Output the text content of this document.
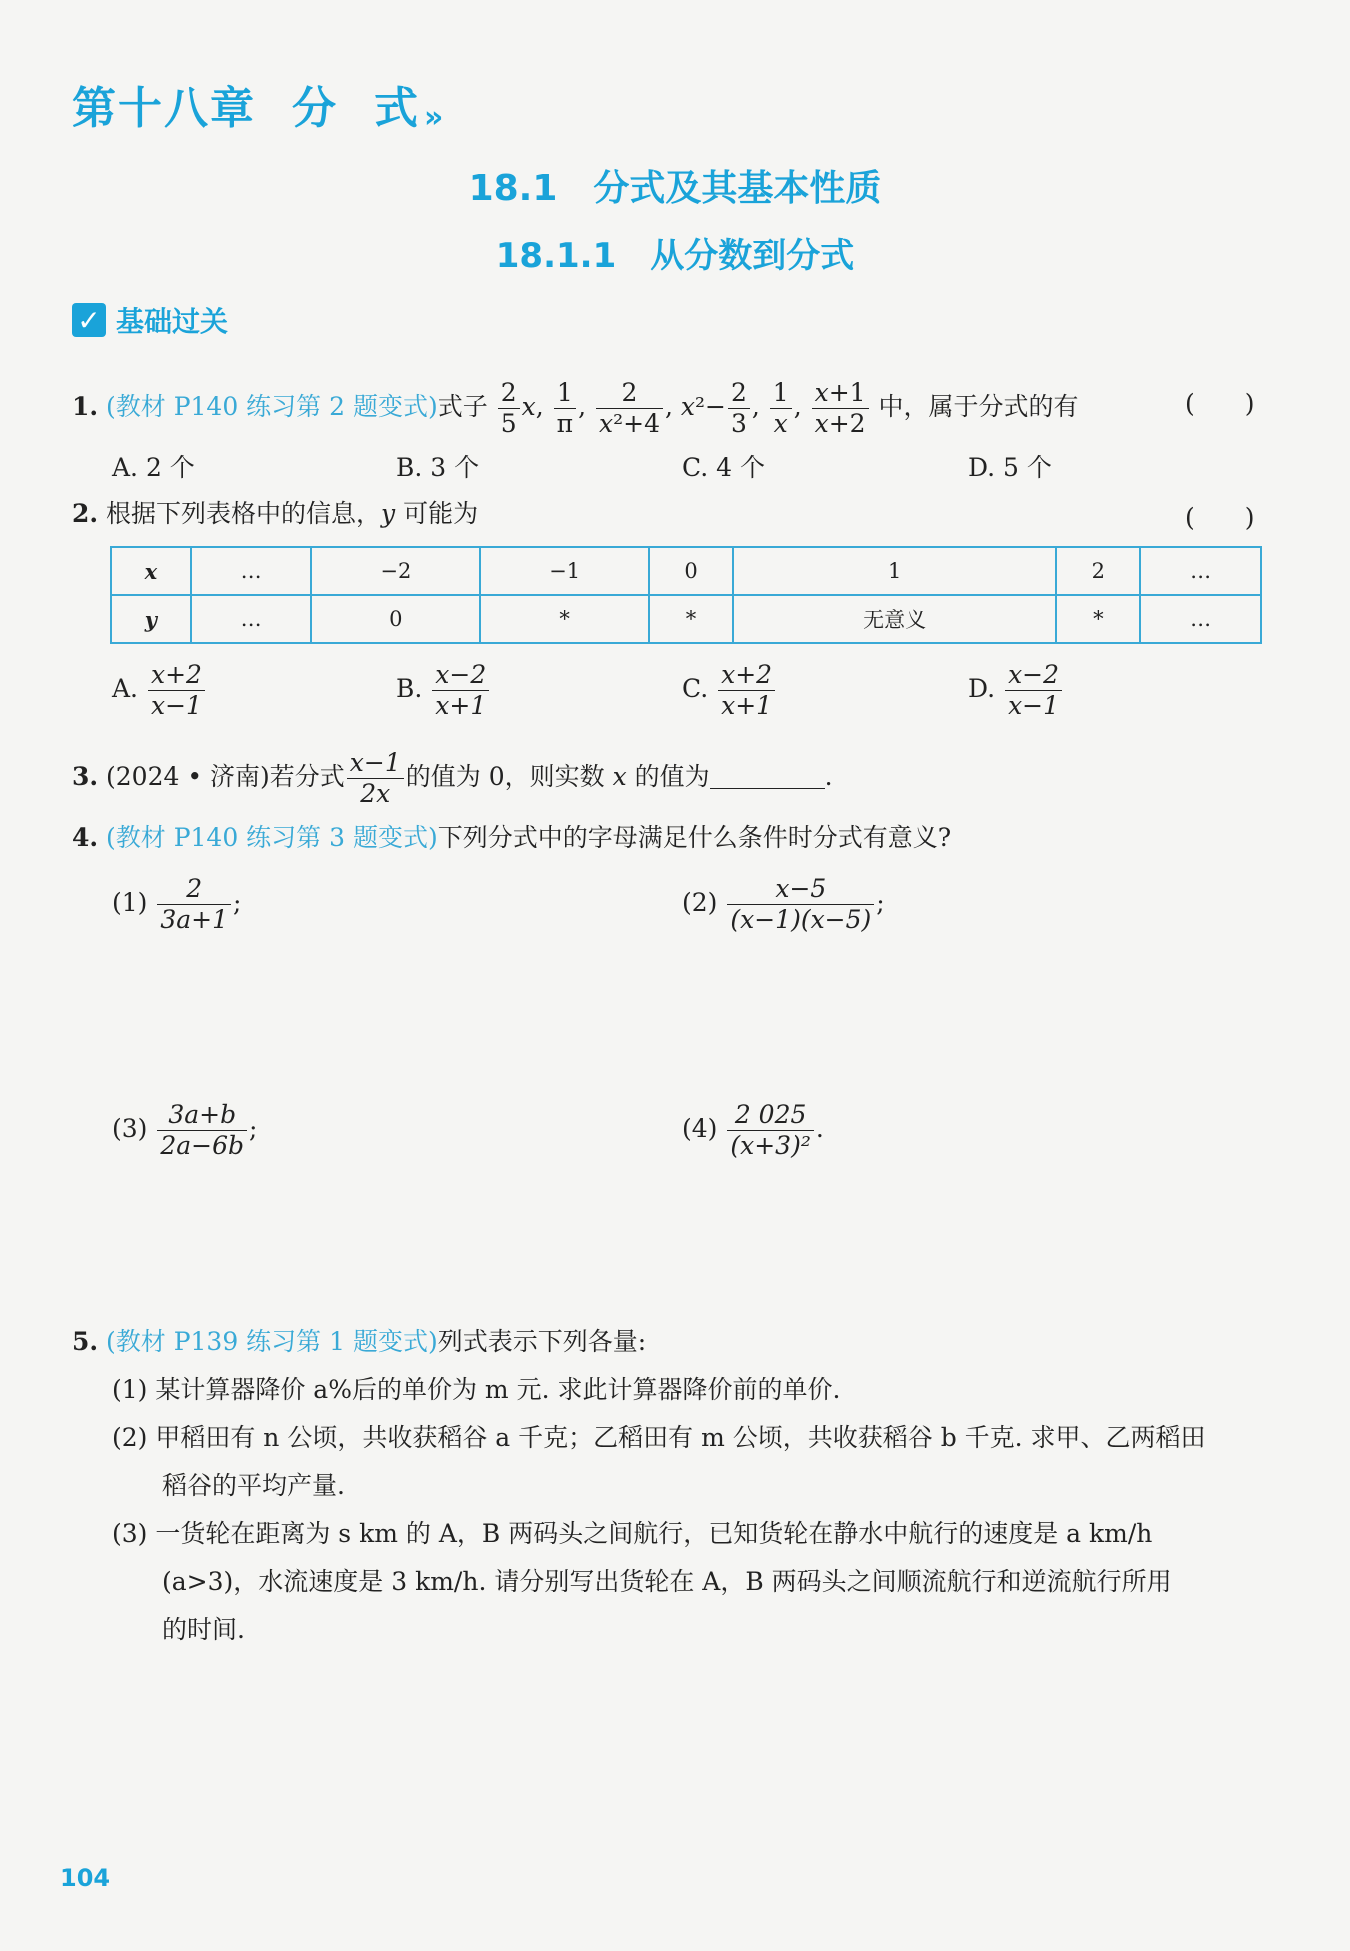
第十八章 分 式 »
18.1　分式及其基本性质
18.1.1　从分数到分式
✓ 基础过关
1. (教材 P140 练习第 2 题变式)式子 $\frac{2}{5} x$, $\frac{1}{\pi}$ , $\frac{2}{\text{x²+4}}$ , $x^2- \frac{2}{3}$ , $\frac{1}{x}$ , $\frac{x+1}{x+2}$ 中，属于分式的有	(　　)
A. 2 个	B. 3 个	C. 4 个	D. 5 个
2. 根据下列表格中的信息，y 可能为	(　　)
x	…	−2	−1	0	1	2	…
y	…	0	*	*	无意义	*	…
A. $\frac{x+2}{x-1}$	B. $\frac{x-2}{x+1}$	C. $\frac{x+2}{x+1}$	D. $\frac{x-2}{x-1}$
3. (2024 • 济南)若分式 $\frac{x-1}{2x}$ 的值为 0，则实数 x 的值为	.
4. (教材 P140 练习第 3 题变式)下列分式中的字母满足什么条件时分式有意义?
$(1) \frac{2}{3a+1}$ ;	$(2) \frac{x-5}{(x-1)(x-5)}$ ;
$(3) \frac{3a+b}{2a-6b}$ ;	$(4) \frac{2 025}{\text{(x+3)²}}$ .
5. (教材 P139 练习第 1 题变式)列式表示下列各量:
(1) 某计算器降价 a%后的单价为 m 元. 求此计算器降价前的单价.
(2) 甲稻田有 n 公顷，共收获稻谷 a 千克；乙稻田有 m 公顷，共收获稻谷 b 千克. 求甲、乙两稻田
稻谷的平均产量.
(3) 一货轮在距离为 s km 的 A，B 两码头之间航行，已知货轮在静水中航行的速度是 a km/h
(a>3)，水流速度是 3 km/h. 请分别写出货轮在 A，B 两码头之间顺流航行和逆流航行所用
的时间.
104
